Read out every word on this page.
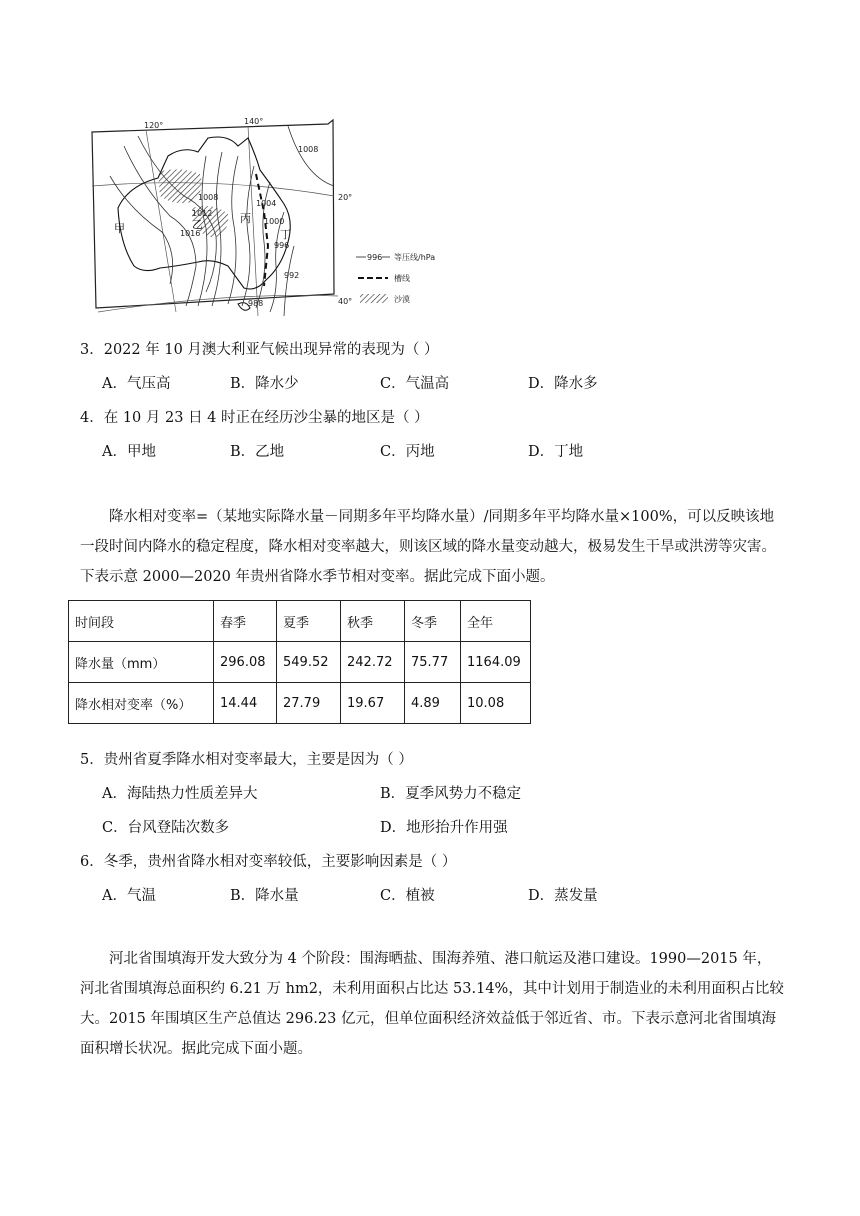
120°	140°
20°
40°
1008
1008
1012
1016
1004
1000
996
992
988
甲	乙	丙
丁
996 等压线/hPa
槽线
沙漠
3．2022 年 10 月澳大利亚气候出现异常的表现为（ ）
A．气压高	B．降水少	C．气温高	D．降水多
4．在 10 月 23 日 4 时正在经历沙尘暴的地区是（ ）
A．甲地	B．乙地	C．丙地	D．丁地
降水相对变率=（某地实际降水量－同期多年平均降水量）/同期多年平均降水量×100%，可以反映该地一段时间内降水的稳定程度，降水相对变率越大，则该区域的降水量变动越大，极易发生干旱或洪涝等灾害。下表示意 2000—2020 年贵州省降水季节相对变率。据此完成下面小题。
时间段	春季	夏季	秋季	冬季	全年
降水量（mm）	296.08	549.52	242.72	75.77	1164.09
降水相对变率（%）	14.44	27.79	19.67	4.89	10.08
5．贵州省夏季降水相对变率最大，主要是因为（ ）
A．海陆热力性质差异大	B．夏季风势力不稳定
C．台风登陆次数多	D．地形抬升作用强
6．冬季，贵州省降水相对变率较低，主要影响因素是（ ）
A．气温	B．降水量	C．植被	D．蒸发量
河北省围填海开发大致分为 4 个阶段：围海晒盐、围海养殖、港口航运及港口建设。1990—2015 年，河北省围填海总面积约 6.21 万 hm2，未利用面积占比达 53.14%，其中计划用于制造业的未利用面积占比较大。2015 年围填区生产总值达 296.23 亿元，但单位面积经济效益低于邻近省、市。下表示意河北省围填海面积增长状况。据此完成下面小题。
